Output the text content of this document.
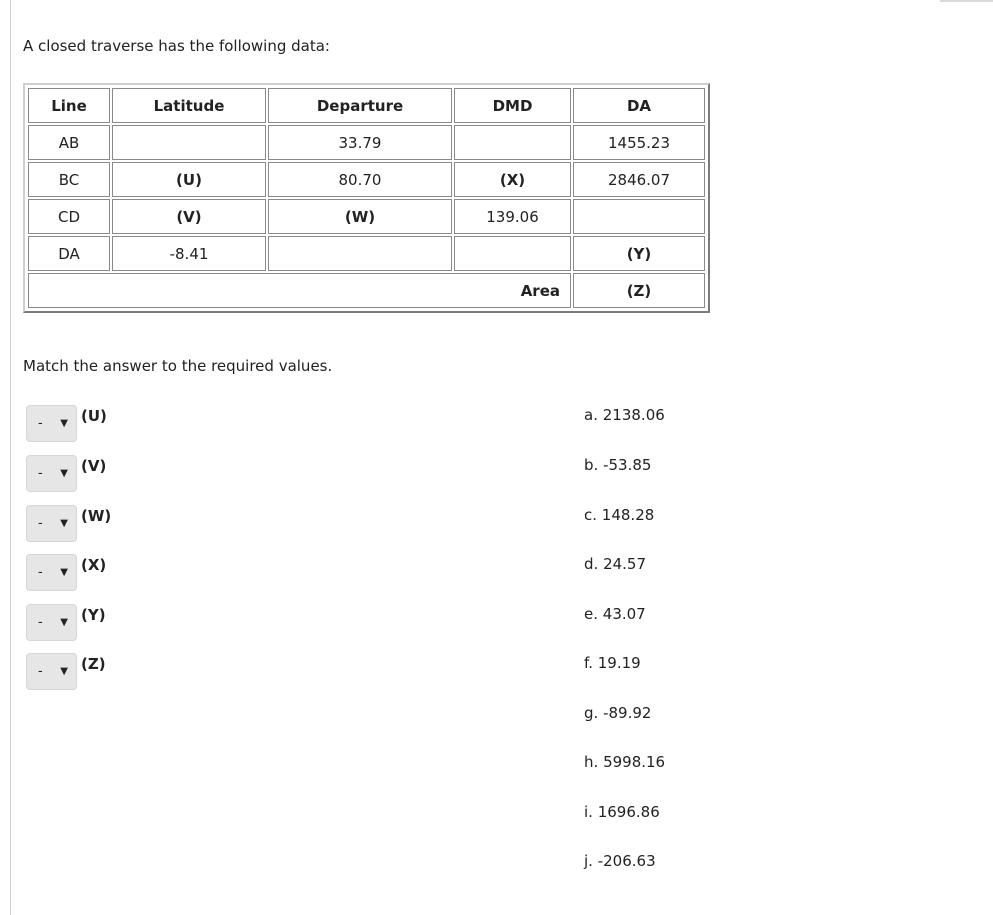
A closed traverse has the following data:
Line	Latitude	Departure	DMD	DA
AB		33.79		1455.23
BC	(U)	80.70	(X)	2846.07
CD	(V)	(W)	139.06	
DA	-8.41			(Y)
Area				(Z)
Match the answer to the required values.
- ▼ (U)
- ▼ (V)
- ▼ (W)
- ▼ (X)
- ▼ (Y)
- ▼ (Z)
a. 2138.06
b. -53.85
c. 148.28
d. 24.57
e. 43.07
f. 19.19
g. -89.92
h. 5998.16
i. 1696.86
j. -206.63
